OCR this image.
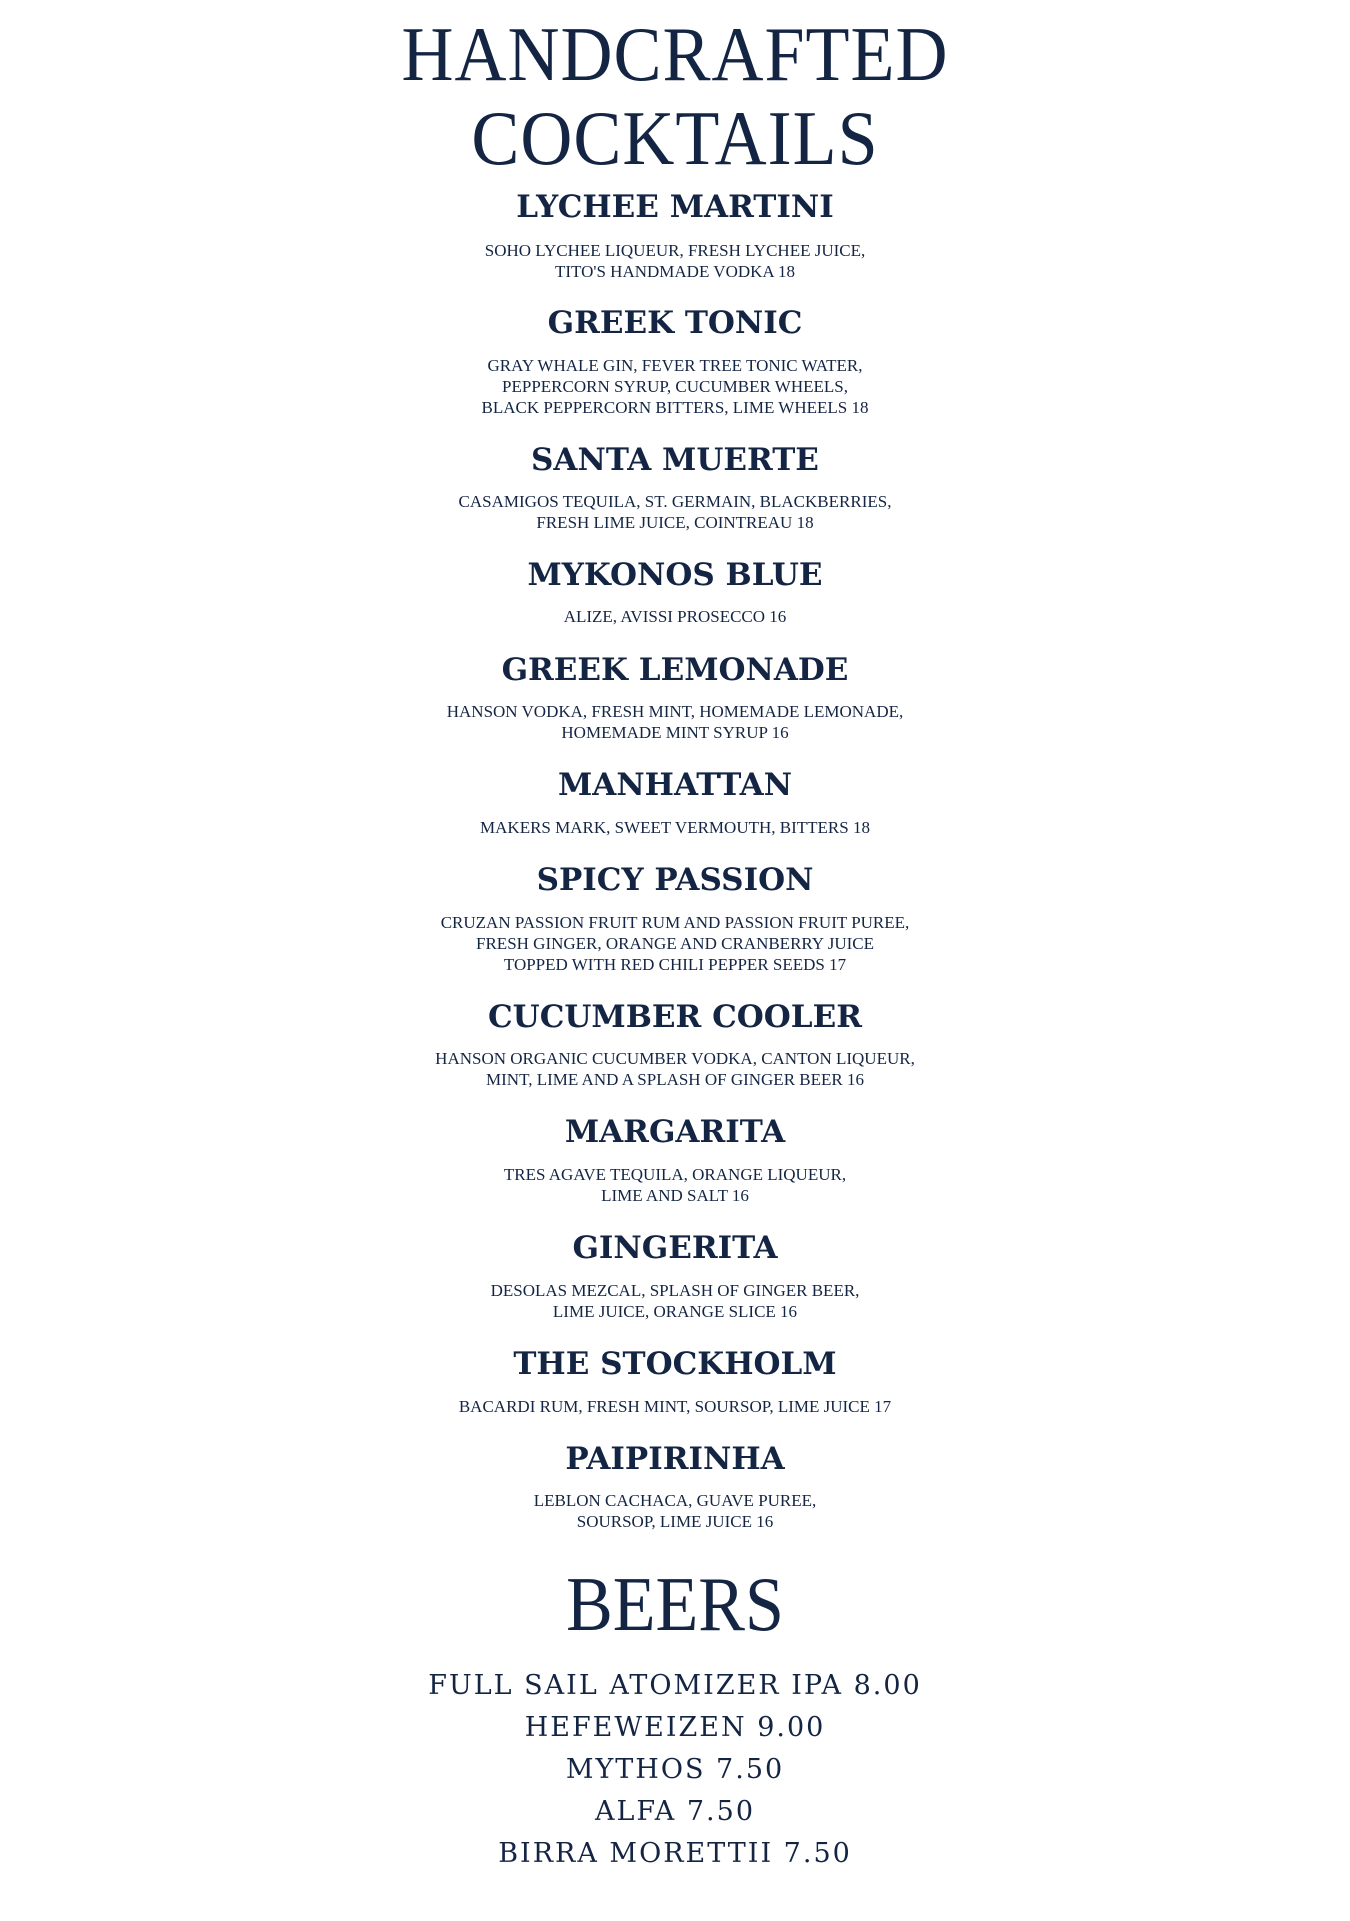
HANDCRAFTED
COCKTAILS
LYCHEE MARTINI
SOHO LYCHEE LIQUEUR, FRESH LYCHEE JUICE,
TITO'S HANDMADE VODKA 18
GREEK TONIC
GRAY WHALE GIN, FEVER TREE TONIC WATER,
PEPPERCORN SYRUP, CUCUMBER WHEELS,
BLACK PEPPERCORN BITTERS, LIME WHEELS 18
SANTA MUERTE
CASAMIGOS TEQUILA, ST. GERMAIN, BLACKBERRIES,
FRESH LIME JUICE, COINTREAU 18
MYKONOS BLUE
ALIZE, AVISSI PROSECCO 16
GREEK LEMONADE
HANSON VODKA, FRESH MINT, HOMEMADE LEMONADE,
HOMEMADE MINT SYRUP 16
MANHATTAN
MAKERS MARK, SWEET VERMOUTH, BITTERS 18
SPICY PASSION
CRUZAN PASSION FRUIT RUM AND PASSION FRUIT PUREE,
FRESH GINGER, ORANGE AND CRANBERRY JUICE
TOPPED WITH RED CHILI PEPPER SEEDS 17
CUCUMBER COOLER
HANSON ORGANIC CUCUMBER VODKA, CANTON LIQUEUR,
MINT, LIME AND A SPLASH OF GINGER BEER 16
MARGARITA
TRES AGAVE TEQUILA, ORANGE LIQUEUR,
LIME AND SALT 16
GINGERITA
DESOLAS MEZCAL, SPLASH OF GINGER BEER,
LIME JUICE, ORANGE SLICE 16
THE STOCKHOLM
BACARDI RUM, FRESH MINT, SOURSOP, LIME JUICE 17
PAIPIRINHA
LEBLON CACHACA, GUAVE PUREE,
SOURSOP, LIME JUICE 16
BEERS
FULL SAIL ATOMIZER IPA 8.00
HEFEWEIZEN 9.00
MYTHOS 7.50
ALFA 7.50
BIRRA MORETTII 7.50
